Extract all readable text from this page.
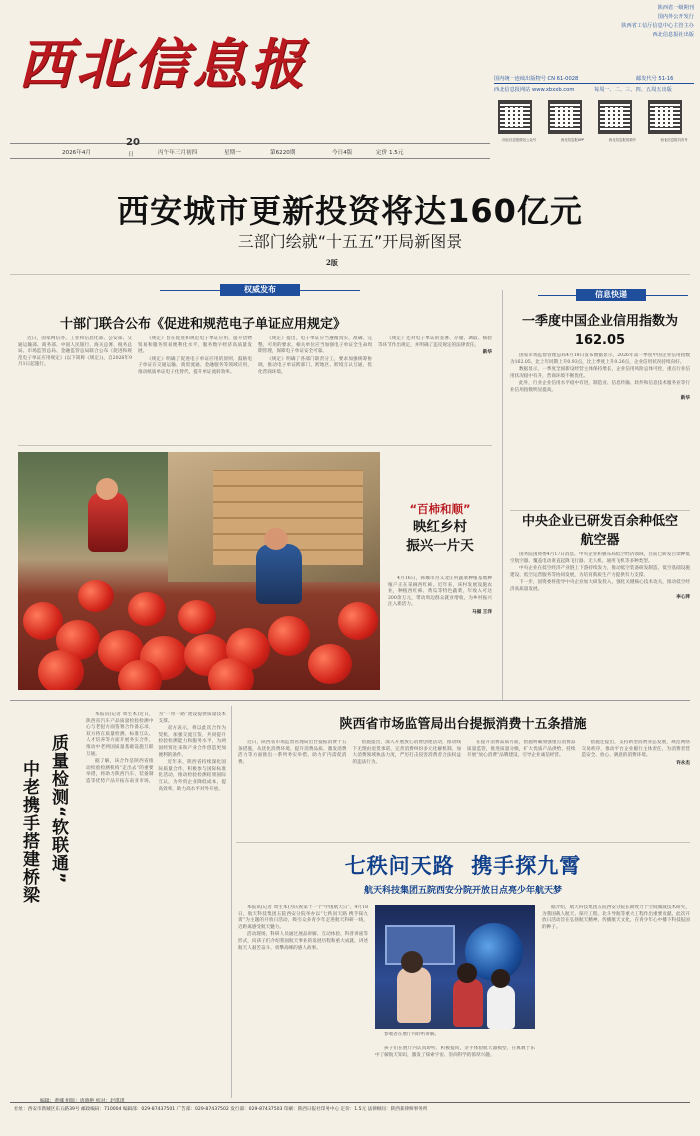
西北信息报
陕西省一级期刊
国内外公开发行
陕西省工信厅信息中心主管主办
西北信息报社出版
国内统一连续出版物号 CN 61-0028	邮发代号 51-16
西北信息报网站 www.xbxxb.com	每周一、二、三、四、五周五出版
西北信息报微信公众号	西北信息报APP	西北信息报视频号	西北信息报抖音号
2026年4月
20
日	丙午年三月初四	星期一	第6220期	今日4版	定价 1.5元
西安城市更新投资将达160亿元
三部门绘就“十五五”开局新图景
2版
权威发布
信息快递
十部门联合公布《促进和规范电子单证应用规定》

近日，国家网信办、工业和信息化部、公安部、交通运输部、商务部、中国人民银行、海关总署、税务总局、市场监管总局、金融监管总局联合公布《促进和规范电子单证应用规定》(以下简称《规定》)，自2026年9月1日起施行。

《规定》旨在促进和规范电子单证应用，提升货物贸易和服务贸易便利化水平，服务数字经济高质量发展。

《规定》明确了促进电子单证应用的原则，鼓励电子单证在交通运输、商贸流通、金融服务等领域应用，推动纸质单证电子化替代，提升单证流转效率。

《规定》提出，电子单证应当遵循真实、准确、完整、可用的要求，相关单位应当加强电子单证全生命周期管理，保障电子单证安全可靠。

《规定》明确了各部门职责分工，要求加强统筹协调，推动电子单证跨部门、跨地区、跨境互认互通，优化营商环境。

《规定》还对电子单证的签署、存储、调取、核验等环节作出规定，并明确了违反规定的法律责任。

新华

“百柿和顺”
映红乡村
振兴一片天

4月16日，韩城市宫义北庄村蔬菜种植基地种植户正在采摘西红柿。近年来，该村发展设施农业，种植西红柿、黄瓜等特色蔬菜，年收入可达200余万元，带动周边群众就业增收，为乡村振兴注入新活力。

马福 王洋

一季度中国企业信用指数为162.05

国家市场监督管理总局4月18日发布数据显示，2026年第一季度中国企业信用指数为162.05，比上年同期上升0.93点，比上季度上升0.26点，企业信用状况持续向好。

数据显示，一季度全国新设经营主体保持增长，企业信用风险总体可控，重点行业信用状况稳中有升，营商环境不断优化。

此外，行业企业信用水平稳中有进，制造业、信息传输、软件和信息技术服务业等行业信用指数明显提高。

新华

中央企业已研发百余种低空航空器

国务院国资委4月17日消息，中央企业积极布局低空经济领域，目前已研发百余种低空航空器，覆盖电动垂直起降飞行器、无人机、通用飞机等多种类型。

中央企业在低空经济产业链上下游持续发力，推动低空装备研发制造、低空基础设施建设、低空运营服务等协同发展，为培育新质生产力提供有力支撑。

下一步，国资委将指导中央企业加大研发投入，强化关键核心技术攻关，推动低空经济高质量发展。

李心萍

质量检测“软联通”
中老携手搭建桥梁

本报讯(记者 周生本)近日，陕西省汽车产品质量检验检测中心与老挝方面签署合作备忘录，双方将在质量检测、标准互认、人才培养等方面开展务实合作，推动中老两国质量基础设施互联互通。

据了解，该合作是陕西省推动检验检测机构“走出去”的重要举措，将助力陕西汽车、装备制造等优势产品开拓东南亚市场，为“一带一路”建设提供质量技术支撑。

双方表示，将以此次合作为契机，加强交流互鉴，共同提升检验检测能力和服务水平，为两国经贸往来和产业合作创造更加便利的条件。

近年来，陕西省持续深化国际质量合作，积极参与国际标准化活动，推动检验检测结果国际互认，为外贸企业降低成本、提高效率，助力高水平对外开放。

陕西省市场监管局出台提振消费十五条措施

近日，陕西省市场监督管理局出台提振消费十五条措施，从优化消费环境、提升消费品质、激发消费活力等方面推出一系列务实举措，助力扩内需促消费。

措施提出，深入开展放心消费创建活动，推动线下无理由退货承诺，完善消费纠纷多元化解机制，加大消费领域执法力度，严厉打击侵害消费者合法权益的违法行为。

在提升消费品质方面，措施明确加强重点消费品质量监管，推进质量分级，扩大优质产品供给，持续开展“放心消费”品牌建设，引导企业诚信经营。

措施还提出，支持新型消费业态发展，规范网络交易秩序，推动平台企业履行主体责任，为消费者营造安全、放心、满意的消费环境。

许永杰

七秩问天路  携手探九霄
航天科技集团五院西安分院开放日点亮少年航天梦

本报讯(记者 周生本)为庆祝第十一个“中国航天日”，4月18日，航天科技集团五院西安分院举办以“七秩问天路 携手探九霄”为主题的开放日活动，吸引众多青少年走进航天科研一线，近距离感受航天魅力。

活动现场，科研人员通过展品讲解、互动体验、科普讲座等形式，向孩子们介绍我国航天事业的发展历程和重大成就，讲述航天人艰苦奋斗、勇攀高峰的感人故事。

参观者在展厅内聆听讲解。

孩子们在展厅内认真聆听，积极提问，亲手体验航天器模型，在寓教于乐中了解航天知识，激发了探索宇宙、崇尚科学的浓厚兴趣。

据介绍，航天科技集团五院西安分院长期致力于空间微波技术研究，为我国载人航天、探月工程、北斗导航等重大工程作出重要贡献。此次开放日活动旨在弘扬航天精神，传播航天文化，在青少年心中播下科技报国的种子。

社址：西安市新城区东五路39号 邮政编码：710004 编辑部：029-87437501 广告部：029-87437502 发行部：029-87437503 印刷：陕西日报社印务中心 定价：1.5元 法律顾问：陕西某律师事务所
